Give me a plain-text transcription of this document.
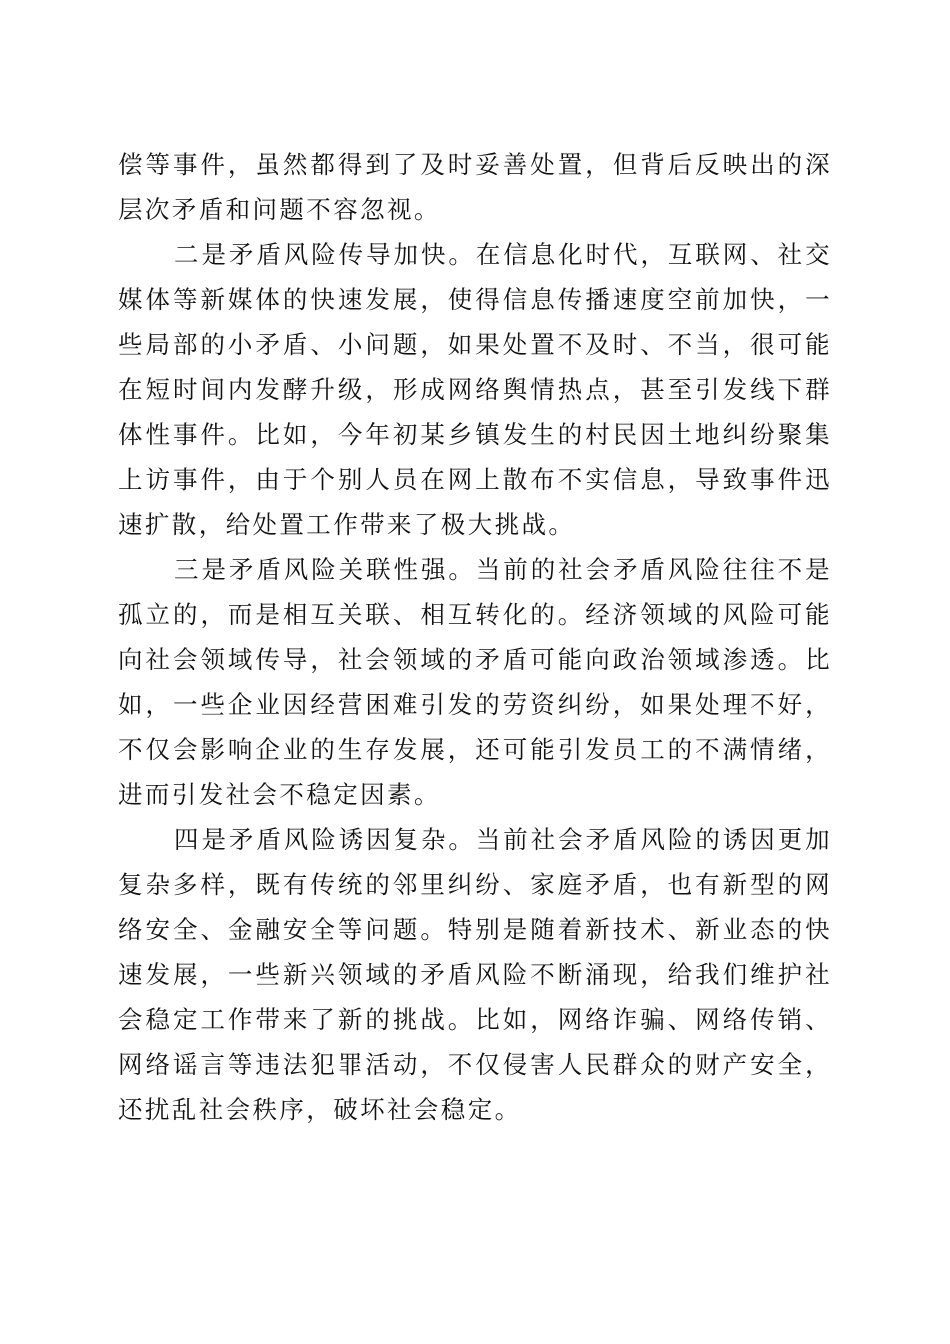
偿等事件，虽然都得到了及时妥善处置，但背后反映出的深层次矛盾和问题不容忽视。

二是矛盾风险传导加快。在信息化时代，互联网、社交媒体等新媒体的快速发展，使得信息传播速度空前加快，一些局部的小矛盾、小问题，如果处置不及时、不当，很可能在短时间内发酵升级，形成网络舆情热点，甚至引发线下群体性事件。比如，今年初某乡镇发生的村民因土地纠纷聚集上访事件，由于个别人员在网上散布不实信息，导致事件迅速扩散，给处置工作带来了极大挑战。

三是矛盾风险关联性强。当前的社会矛盾风险往往不是孤立的，而是相互关联、相互转化的。经济领域的风险可能向社会领域传导，社会领域的矛盾可能向政治领域渗透。比如，一些企业因经营困难引发的劳资纠纷，如果处理不好，不仅会影响企业的生存发展，还可能引发员工的不满情绪，进而引发社会不稳定因素。

四是矛盾风险诱因复杂。当前社会矛盾风险的诱因更加复杂多样，既有传统的邻里纠纷、家庭矛盾，也有新型的网络安全、金融安全等问题。特别是随着新技术、新业态的快速发展，一些新兴领域的矛盾风险不断涌现，给我们维护社会稳定工作带来了新的挑战。比如，网络诈骗、网络传销、网络谣言等违法犯罪活动，不仅侵害人民群众的财产安全，还扰乱社会秩序，破坏社会稳定。
